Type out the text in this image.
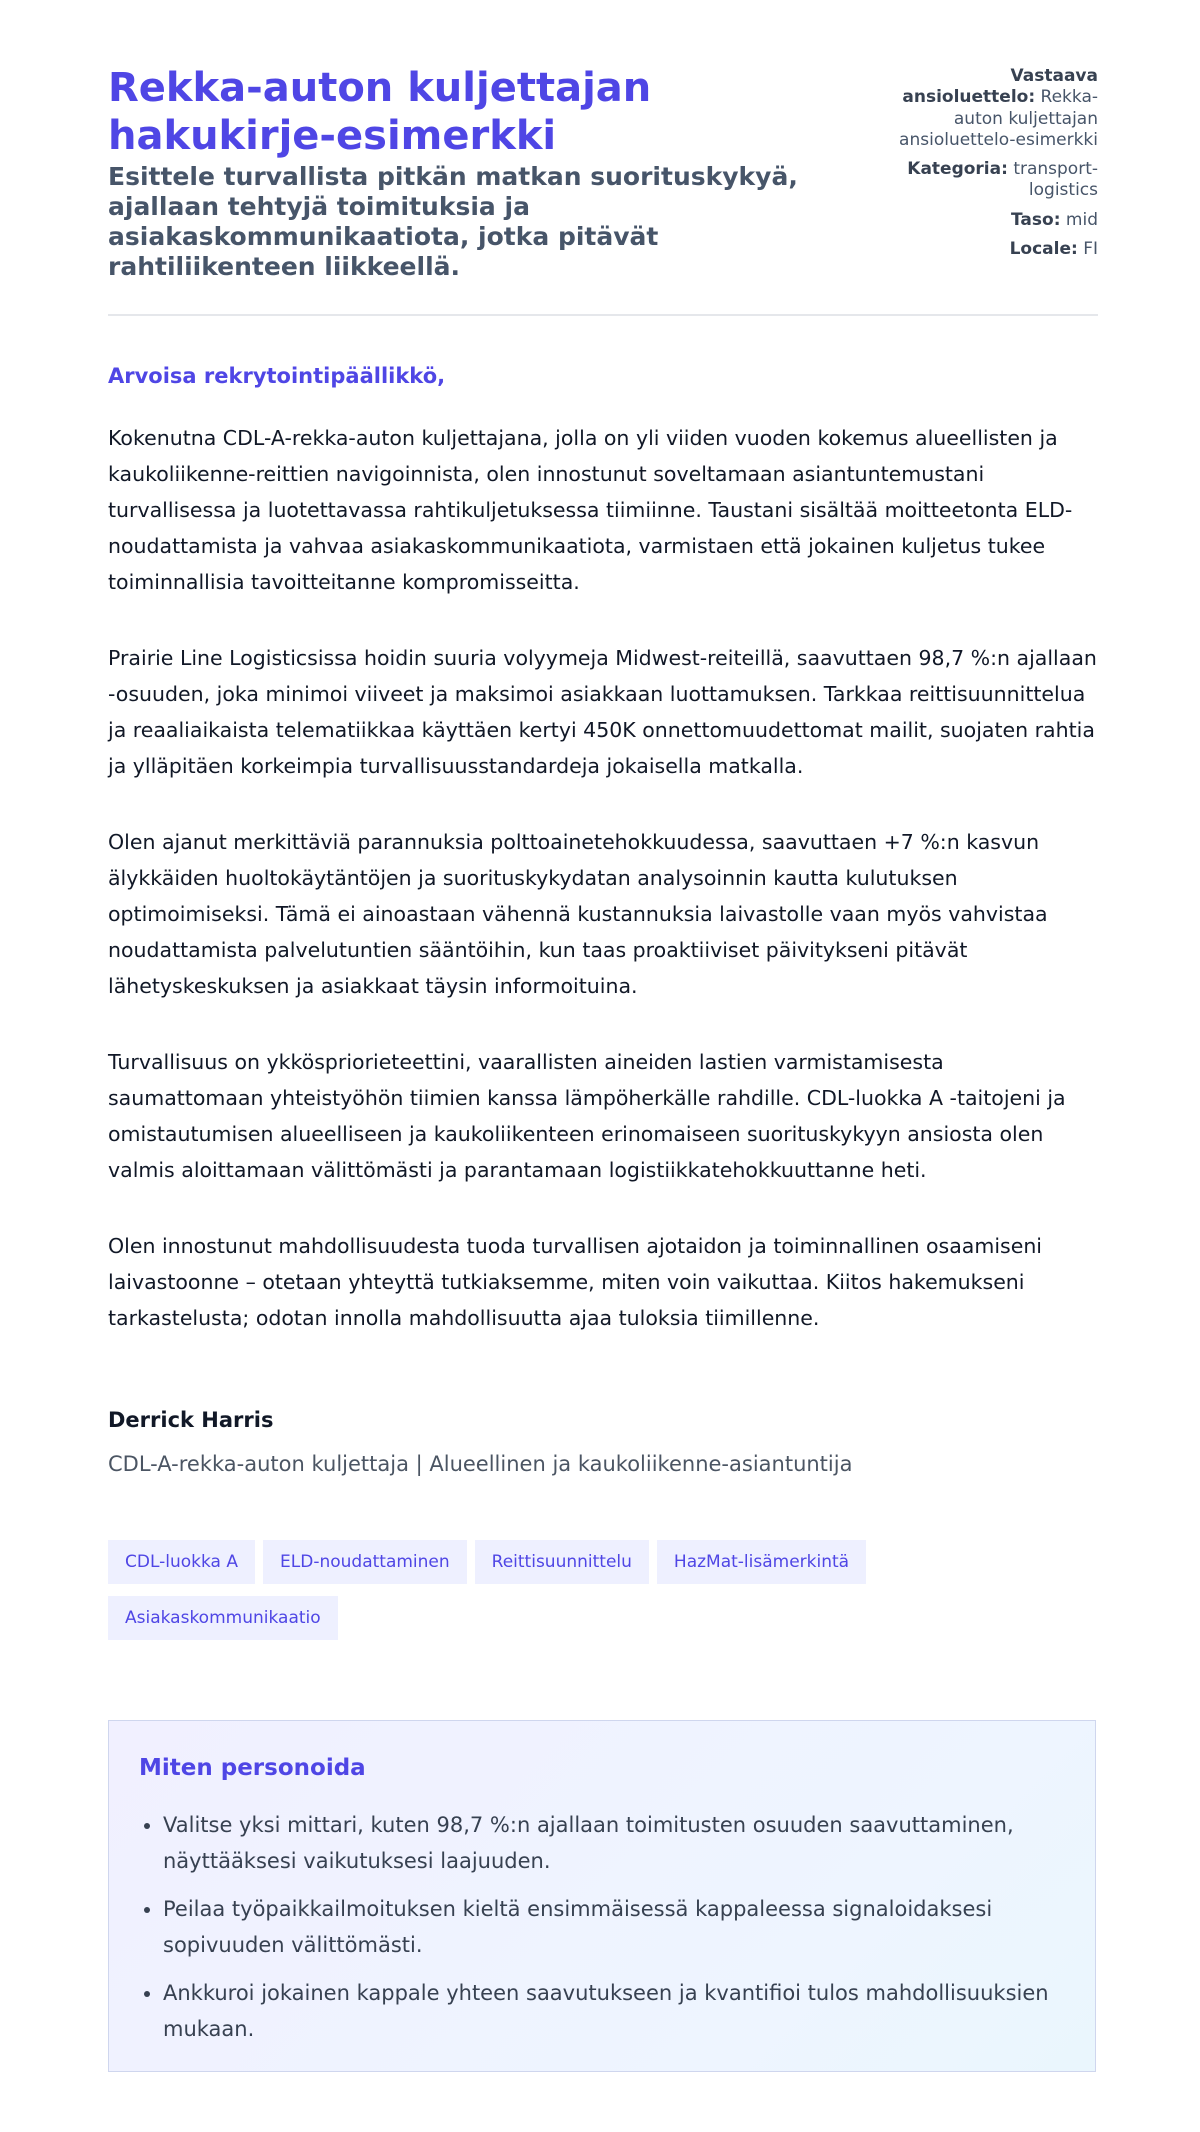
Rekka-auton kuljettajan hakukirje-esimerkki
Esittele turvallista pitkän matkan suorituskykyä, ajallaan tehtyjä toimituksia ja asiakaskommunikaatiota, jotka pitävät rahtiliikenteen liikkeellä.
Vastaava ansioluettelo: Rekka-auton kuljettajan ansioluettelo-esimerkki
Kategoria: transport-logistics
Taso: mid
Locale: FI
Arvoisa rekrytointipäällikkö,

Kokenutna CDL-A-rekka-auton kuljettajana, jolla on yli viiden vuoden kokemus alueellisten ja kaukoliikenne-reittien navigoinnista, olen innostunut soveltamaan asiantuntemustani turvallisessa ja luotettavassa rahtikuljetuksessa tiimiinne. Taustani sisältää moitteetonta ELD-noudattamista ja vahvaa asiakaskommunikaatiota, varmistaen että jokainen kuljetus tukee toiminnallisia tavoitteitanne kompromisseitta.

Prairie Line Logisticsissa hoidin suuria volyymeja Midwest-reiteillä, saavuttaen 98,7 %:n ajallaan -osuuden, joka minimoi viiveet ja maksimoi asiakkaan luottamuksen. Tarkkaa reittisuunnittelua ja reaaliaikaista telematiikkaa käyttäen kertyi 450K onnettomuudettomat mailit, suojaten rahtia ja ylläpitäen korkeimpia turvallisuusstandardeja jokaisella matkalla.

Olen ajanut merkittäviä parannuksia polttoainetehokkuudessa, saavuttaen +7 %:n kasvun älykkäiden huoltokäytäntöjen ja suorituskykydatan analysoinnin kautta kulutuksen optimoimiseksi. Tämä ei ainoastaan vähennä kustannuksia laivastolle vaan myös vahvistaa noudattamista palvelutuntien sääntöihin, kun taas proaktiiviset päivitykseni pitävät lähetyskeskuksen ja asiakkaat täysin informoituina.

Turvallisuus on ykköspriorieteettini, vaarallisten aineiden lastien varmistamisesta saumattomaan yhteistyöhön tiimien kanssa lämpöherkälle rahdille. CDL-luokka A -taitojeni ja omistautumisen alueelliseen ja kaukoliikenteen erinomaiseen suorituskykyyn ansiosta olen valmis aloittamaan välittömästi ja parantamaan logistiikkatehokkuuttanne heti.

Olen innostunut mahdollisuudesta tuoda turvallisen ajotaidon ja toiminnallinen osaamiseni laivastoonne – otetaan yhteyttä tutkiaksemme, miten voin vaikuttaa. Kiitos hakemukseni tarkastelusta; odotan innolla mahdollisuutta ajaa tuloksia tiimillenne.

Derrick Harris
CDL-A-rekka-auton kuljettaja | Alueellinen ja kaukoliikenne-asiantuntija
CDL-luokka A ELD-noudattaminen Reittisuunnittelu HazMat-lisämerkintäAsiakaskommunikaatio
Miten personoida
• Valitse yksi mittari, kuten 98,7 %:n ajallaan toimitusten osuuden saavuttaminen, näyttääksesi vaikutuksesi laajuuden.
• Peilaa työpaikkailmoituksen kieltä ensimmäisessä kappaleessa signaloidaksesi sopivuuden välittömästi.
• Ankkuroi jokainen kappale yhteen saavutukseen ja kvantifioi tulos mahdollisuuksien mukaan.
